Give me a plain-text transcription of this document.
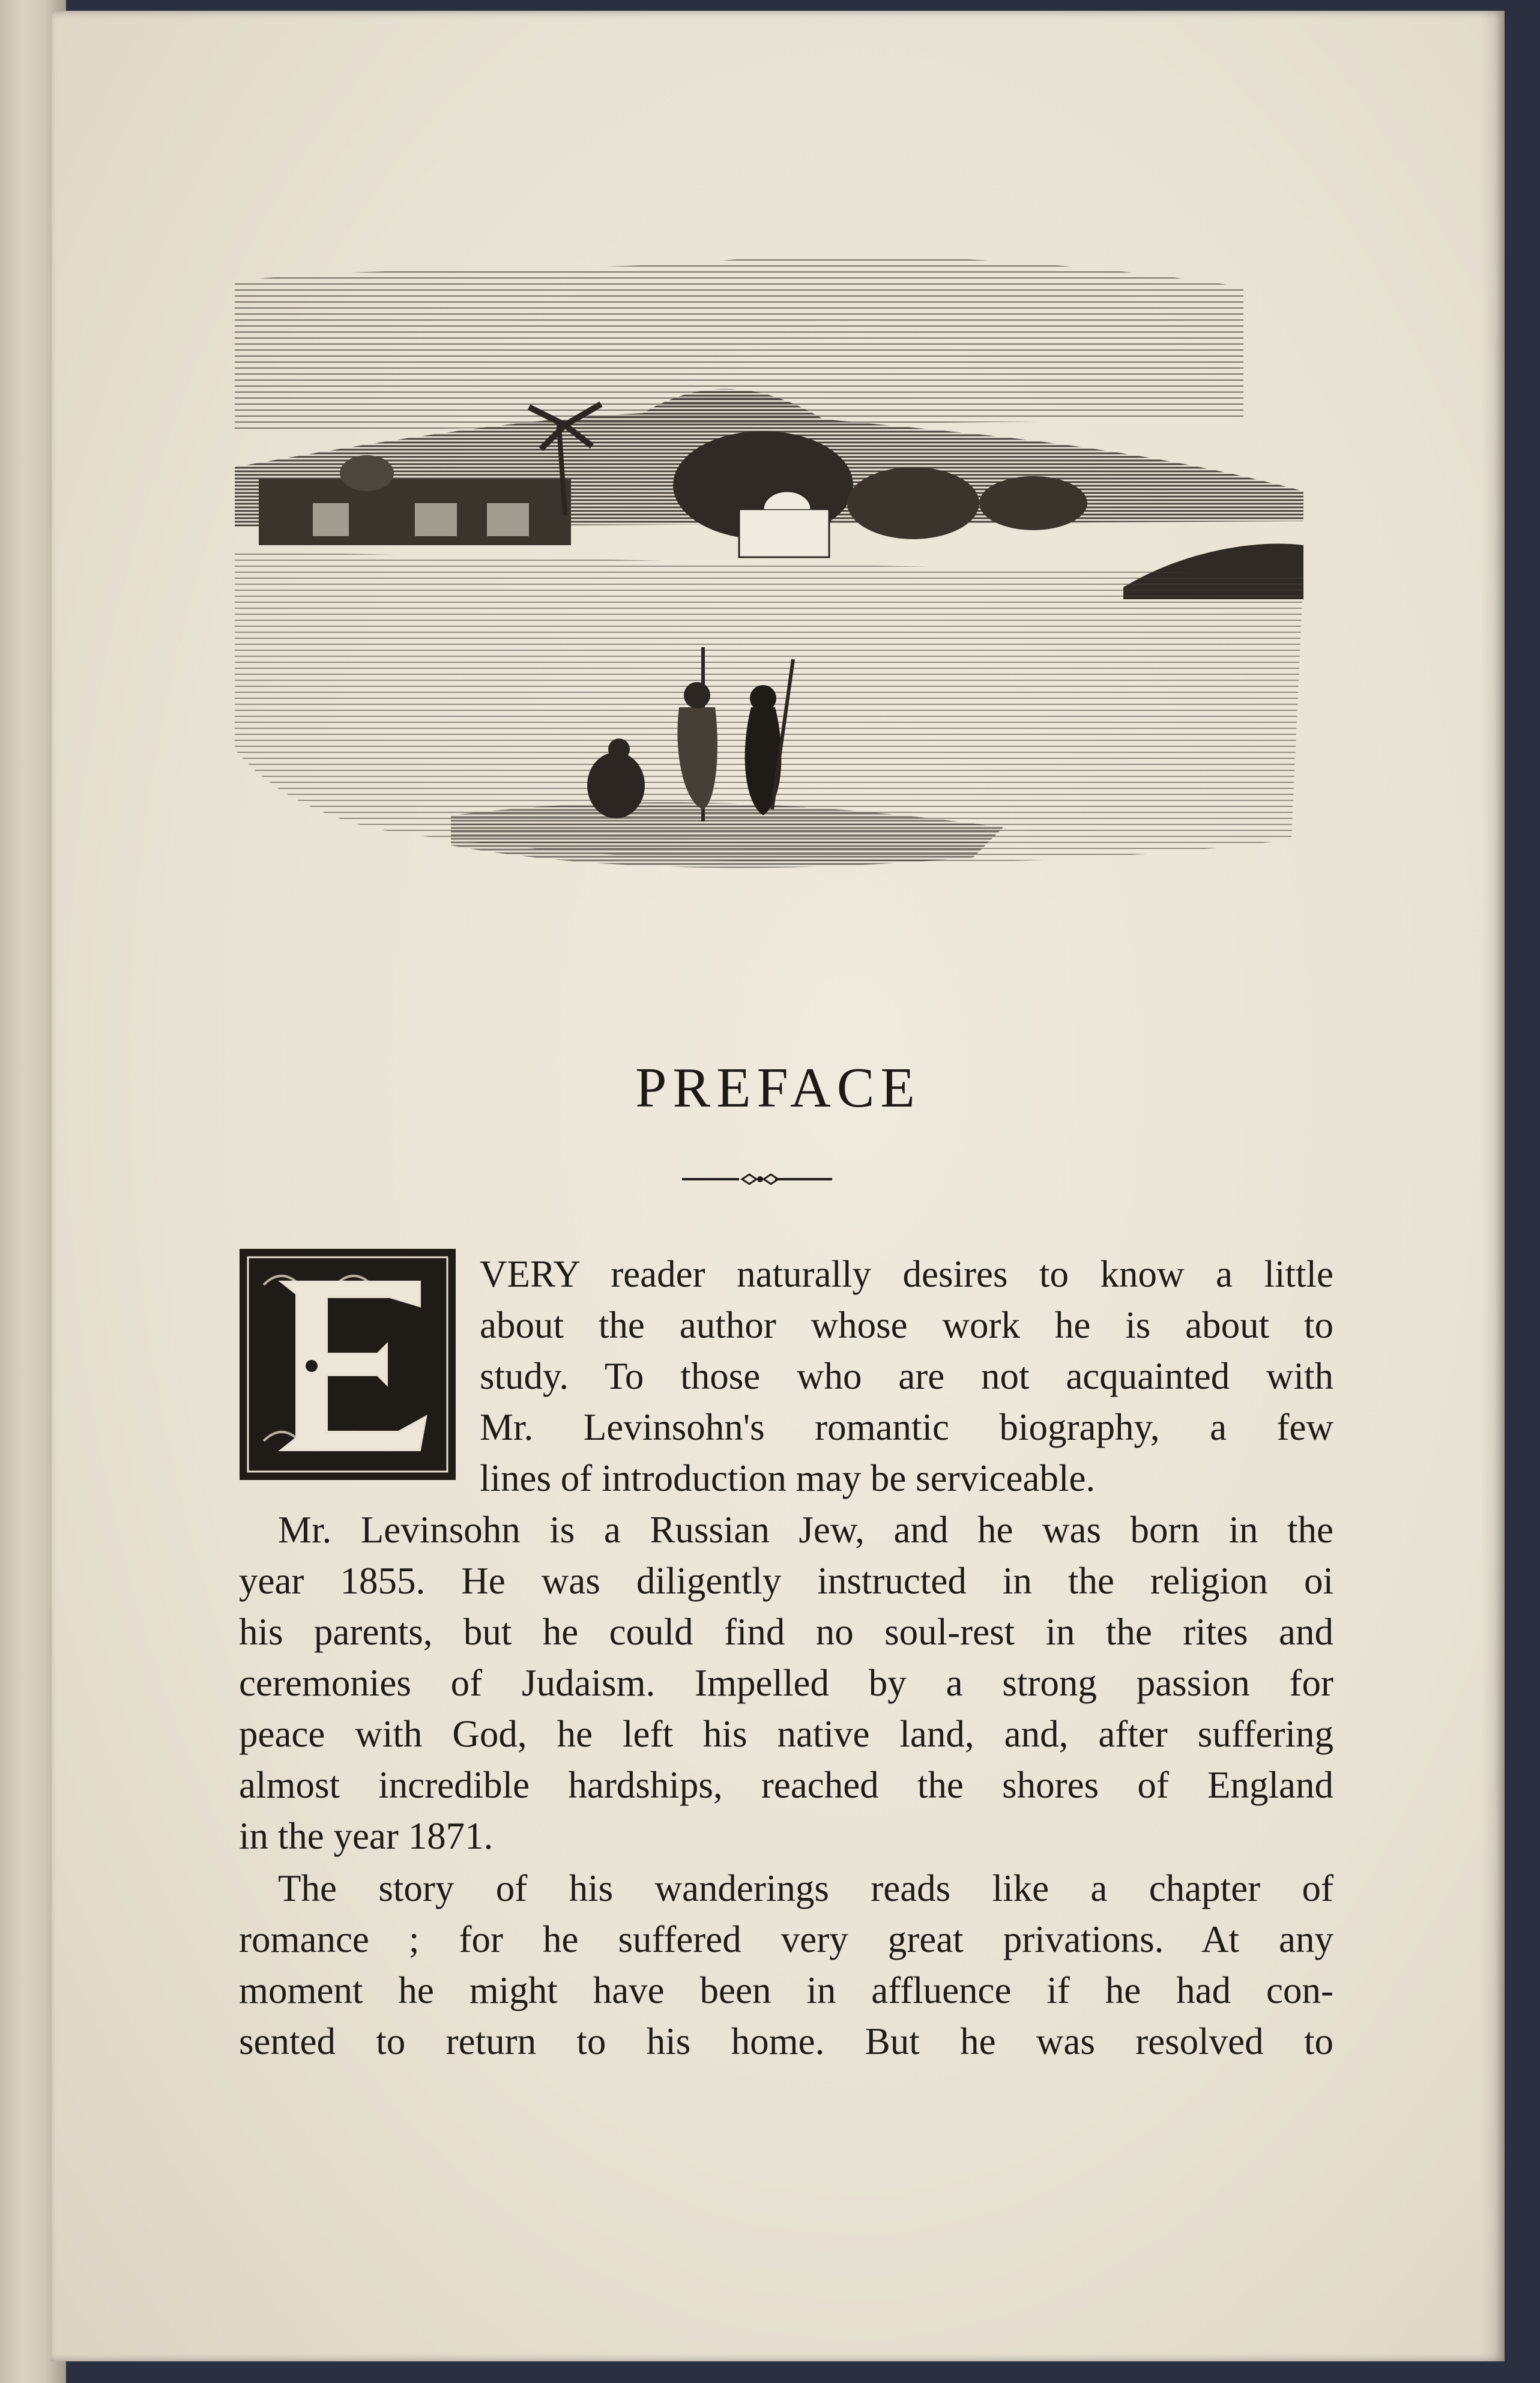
PREFACE
VERY reader naturally desires to know a little
about the author whose work he is about to
study. To those who are not acquainted with
Mr. Levinsohn's romantic biography, a few
lines of introduction may be serviceable.
Mr. Levinsohn is a Russian Jew, and he was born in the
year 1855. He was diligently instructed in the religion oi
his parents, but he could find no soul-rest in the rites and
ceremonies of Judaism. Impelled by a strong passion for
peace with God, he left his native land, and, after suffering
almost incredible hardships, reached the shores of England
in the year 1871.
The story of his wanderings reads like a chapter of
romance ; for he suffered very great privations. At any
moment he might have been in affluence if he had con-
sented to return to his home. But he was resolved to
